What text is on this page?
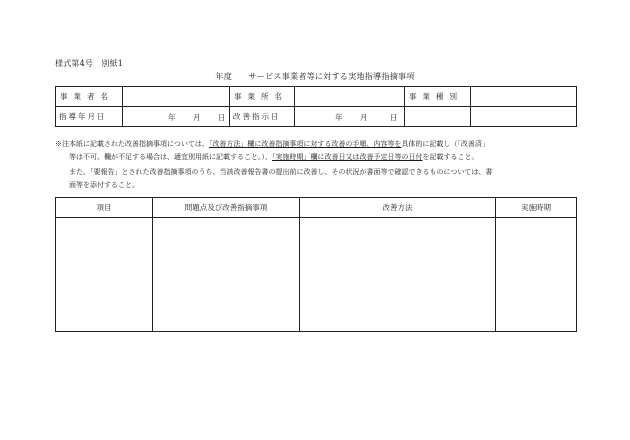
様式第4号　別紙1
年度　　サービス事業者等に対する実地指導指摘事項
事業者名		事業所名		事業種別	
指導年月日	年 月 日	改善指示日	年 月 日		

※注 本紙に記載された改善指摘事項については、「改善方法」欄に改善指摘事項に対する改善の手順、内容等を具体的に記載し（「改善済」
等は不可。欄が不足する場合は、適宜別用紙に記載すること。）、「実施時期」欄に改善日又は改善予定日等の日付を記載すること。
また、「要報告」とされた改善指摘事項のうち、当該改善報告書の提出前に改善し、その状況が書面等で確認できるものについては、書
面等を添付すること。
項目	問題点及び改善指摘事項	改善方法	実施時期
